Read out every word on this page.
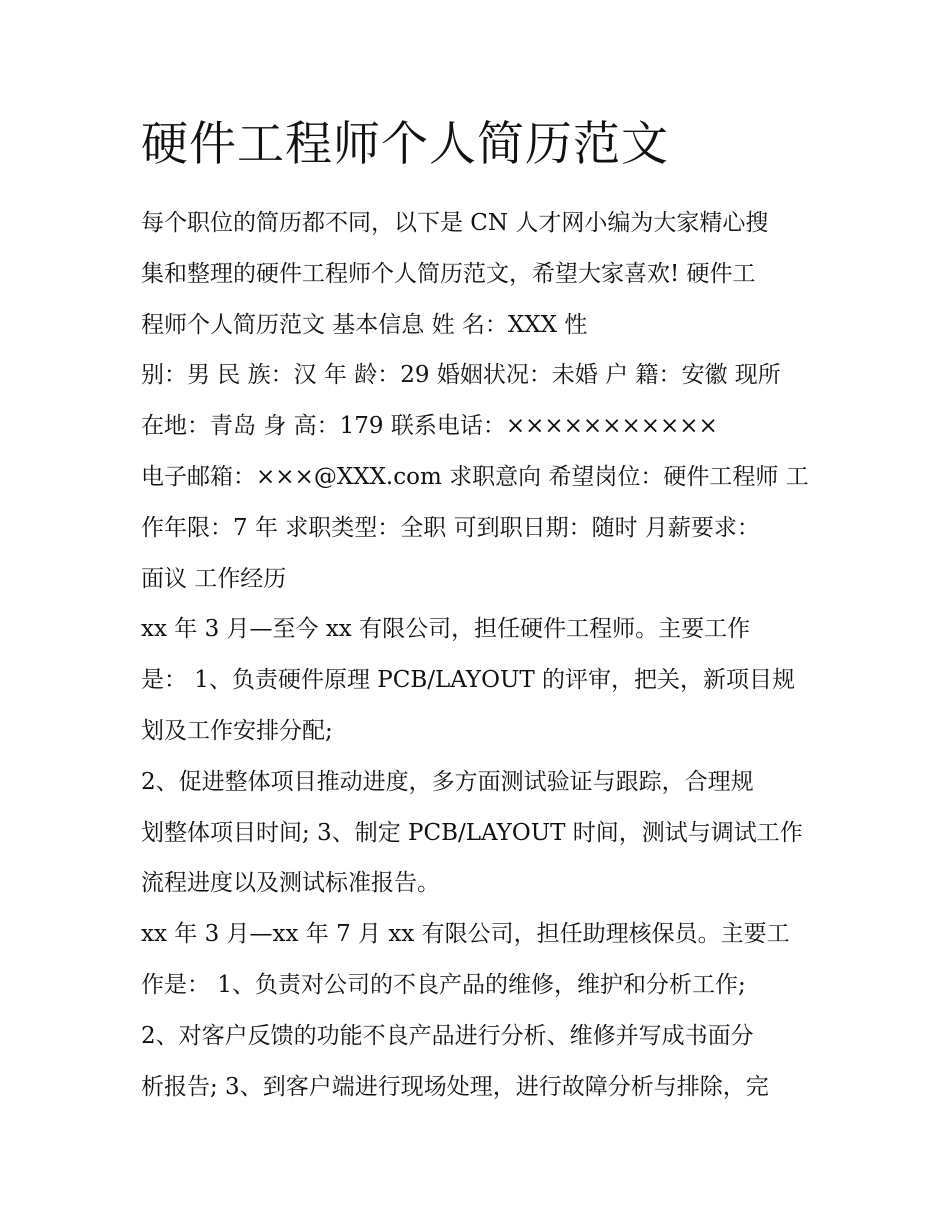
硬件工程师个人简历范文
每个职位的简历都不同，以下是 CN 人才网小编为大家精心搜
集和整理的硬件工程师个人简历范文，希望大家喜欢! 硬件工
程师个人简历范文 基本信息 姓 名：XXX 性
别：男 民 族：汉 年 龄：29 婚姻状况：未婚 户 籍：安徽 现所
在地：青岛 身 高：179 联系电话：×××××××××××
电子邮箱：×××@XXX.com 求职意向 希望岗位：硬件工程师 工
作年限：7 年 求职类型：全职 可到职日期：随时 月薪要求：
面议 工作经历
xx 年 3 月—至今 xx 有限公司，担任硬件工程师。主要工作
是： 1、负责硬件原理 PCB/LAYOUT 的评审，把关，新项目规
划及工作安排分配;
2、促进整体项目推动进度，多方面测试验证与跟踪，合理规
划整体项目时间; 3、制定 PCB/LAYOUT 时间，测试与调试工作
流程进度以及测试标准报告。
xx 年 3 月—xx 年 7 月 xx 有限公司，担任助理核保员。主要工
作是： 1、负责对公司的不良产品的维修，维护和分析工作;
2、对客户反馈的功能不良产品进行分析、维修并写成书面分
析报告; 3、到客户端进行现场处理，进行故障分析与排除，完
